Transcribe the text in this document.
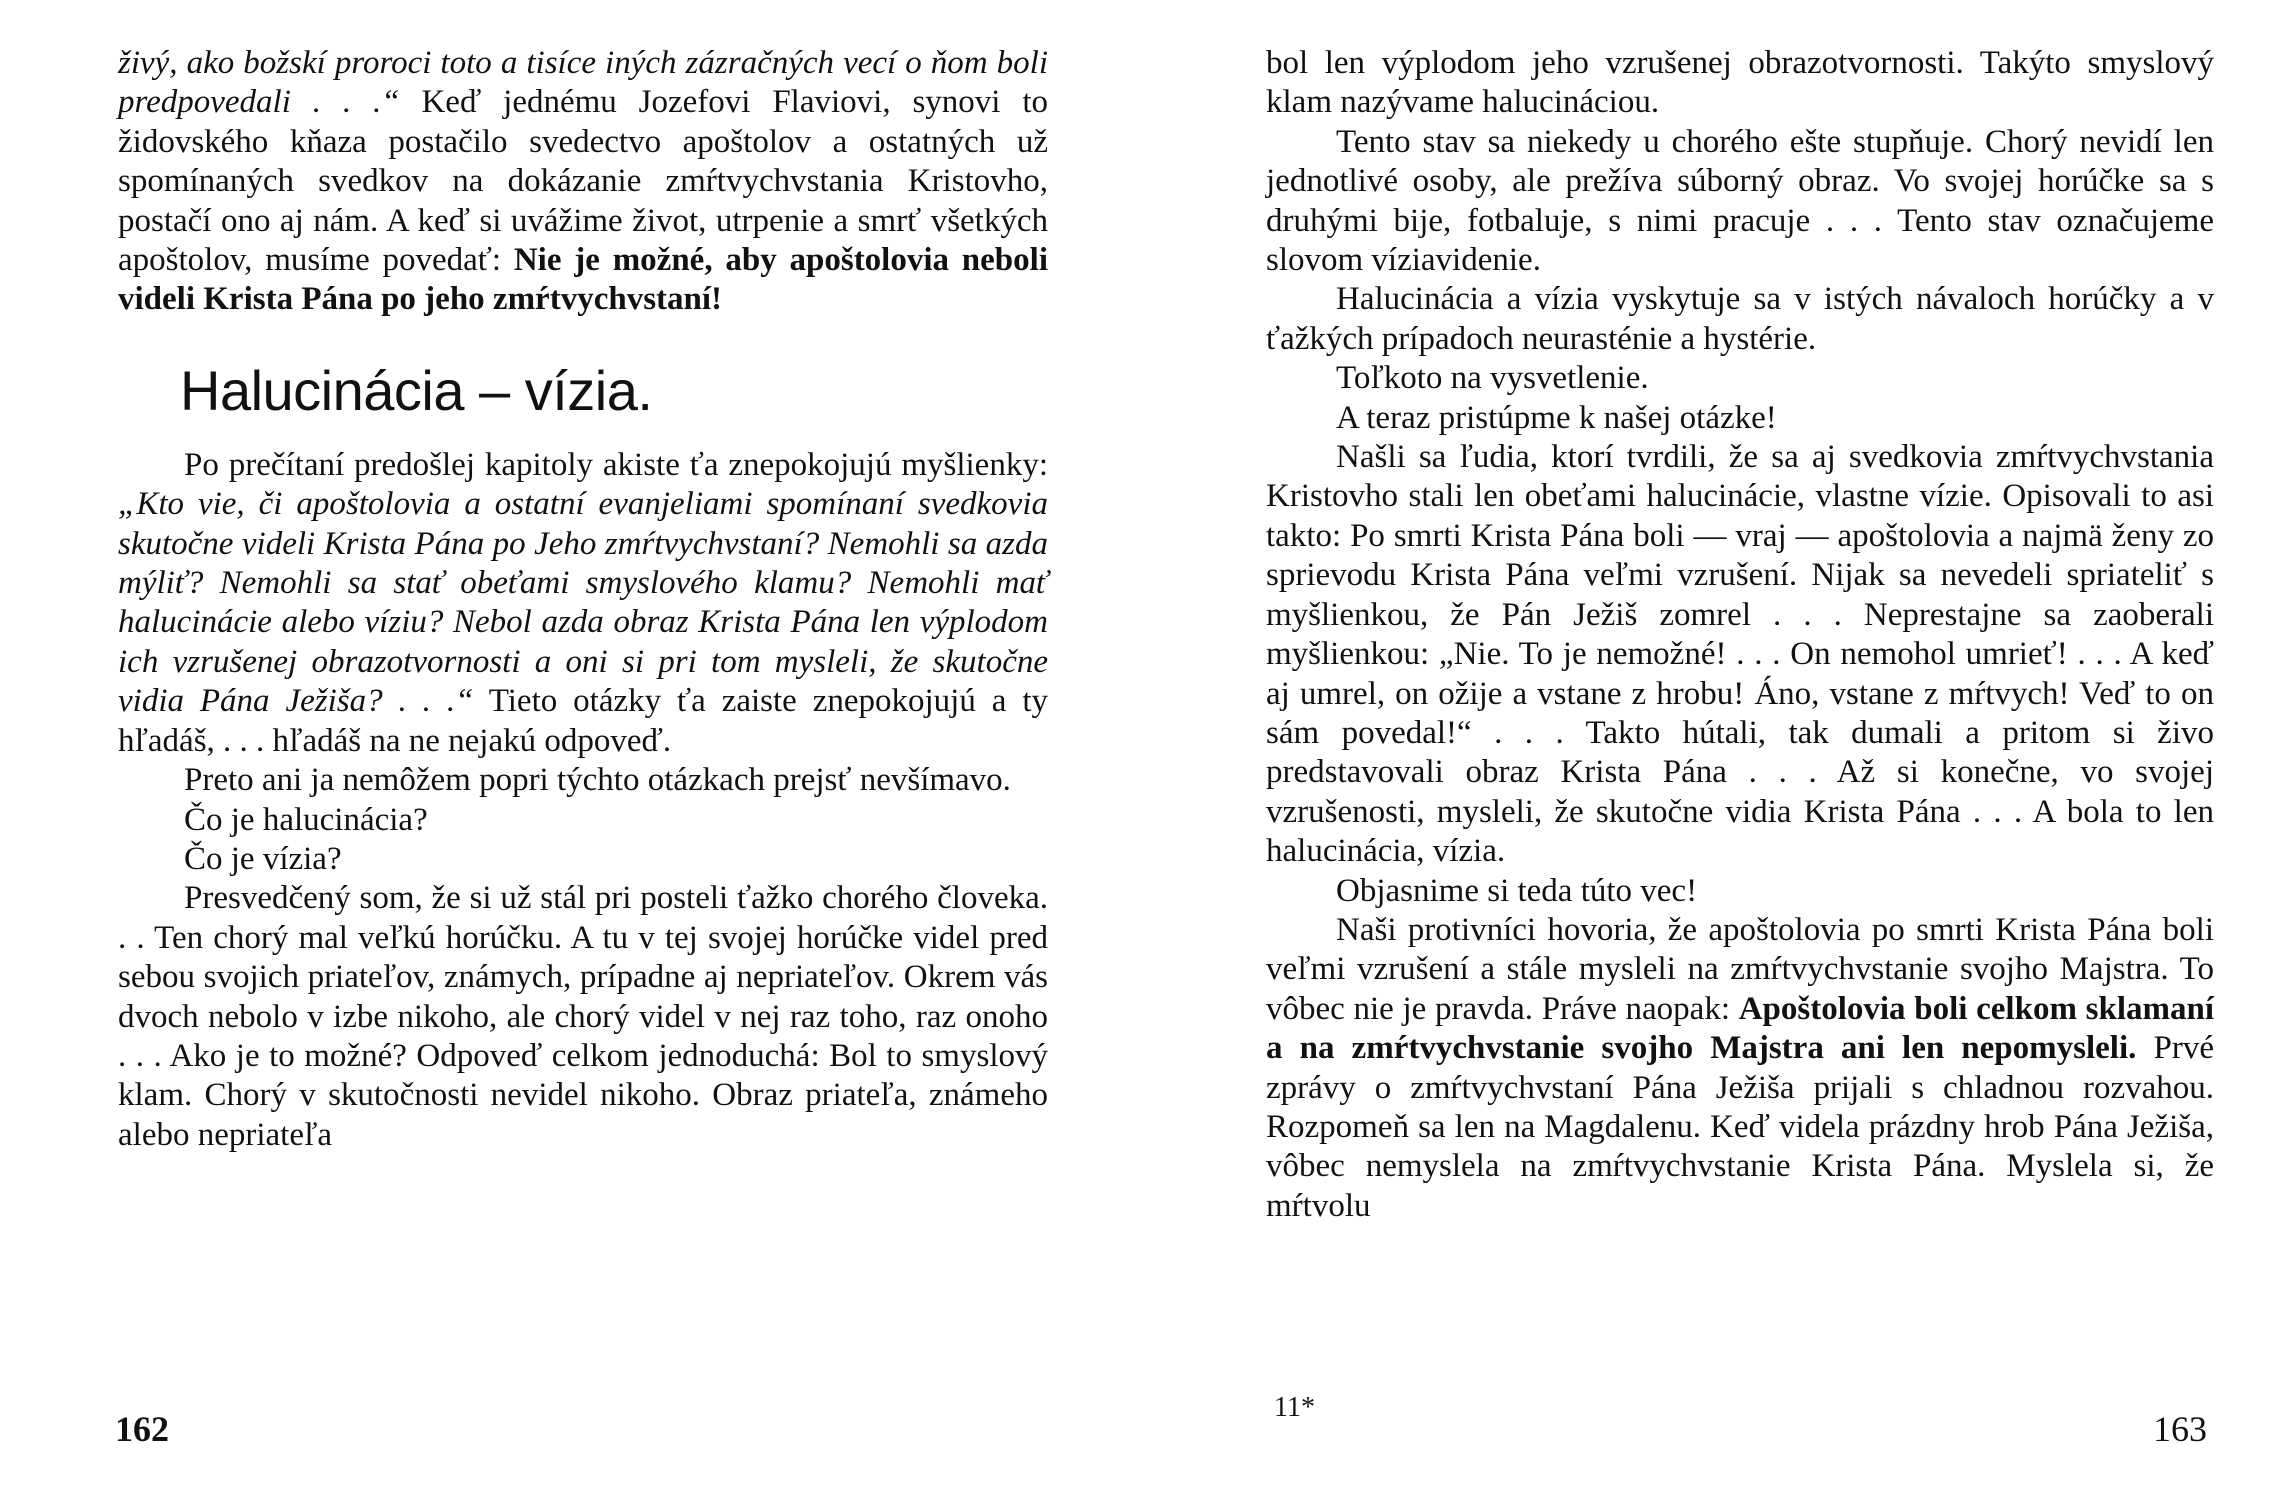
živý, ako božskí proroci toto a tisíce iných zázračných vecí o ňom boli predpovedali . . .“ Keď jednému Jozefovi Flaviovi, synovi to židovského kňaza postačilo svedectvo apoštolov a ostatných už spomínaných svedkov na dokázanie zmŕtvychvstania Kristovho, postačí ono aj nám. A keď si uvážime život, utrpenie a smrť všetkých apoštolov, musíme povedať: Nie je možné, aby apoštolovia neboli videli Krista Pána po jeho zmŕtvychvstaní!

Halucinácia – vízia.

Po prečítaní predošlej kapitoly akiste ťa znepokojujú myšlienky: „Kto vie, či apoštolovia a ostatní evanjeliami spomínaní svedkovia skutočne videli Krista Pána po Jeho zmŕtvychvstaní? Nemohli sa azda mýliť? Nemohli sa stať obeťami smyslového klamu? Nemohli mať halucinácie alebo víziu? Nebol azda obraz Krista Pána len výplodom ich vzrušenej obrazotvornosti a oni si pri tom mysleli, že skutočne vidia Pána Ježiša? . . .“ Tieto otázky ťa zaiste znepokojujú a ty hľadáš, . . . hľadáš na ne nejakú odpoveď.

Preto ani ja nemôžem popri týchto otázkach prejsť nevšímavo.

Čo je halucinácia?

Čo je vízia?

Presvedčený som, že si už stál pri posteli ťažko chorého človeka. . . Ten chorý mal veľkú horúčku. A tu v tej svojej horúčke videl pred sebou svojich priateľov, známych, prípadne aj nepriateľov. Okrem vás dvoch nebolo v izbe nikoho, ale chorý videl v nej raz toho, raz onoho . . . Ako je to možné? Odpoveď celkom jednoduchá: Bol to smyslový klam. Chorý v skutočnosti nevidel nikoho. Obraz priateľa, známeho alebo nepriateľa

162

bol len výplodom jeho vzrušenej obrazotvornosti. Takýto smyslový klam nazývame halucináciou.

Tento stav sa niekedy u chorého ešte stupňuje. Chorý nevidí len jednotlivé osoby, ale prežíva súborný obraz. Vo svojej horúčke sa s druhými bije, fotbaluje, s nimi pracuje . . . Tento stav označujeme slovom víziavidenie.

Halucinácia a vízia vyskytuje sa v istých návaloch horúčky a v ťažkých prípadoch neurasténie a hystérie.

Toľkoto na vysvetlenie.

A teraz pristúpme k našej otázke!

Našli sa ľudia, ktorí tvrdili, že sa aj svedkovia zmŕtvychvstania Kristovho stali len obeťami halucinácie, vlastne vízie. Opisovali to asi takto: Po smrti Krista Pána boli — vraj — apoštolovia a najmä ženy zo sprievodu Krista Pána veľmi vzrušení. Nijak sa nevedeli spriateliť s myšlienkou, že Pán Ježiš zomrel . . . Neprestajne sa zaoberali myšlienkou: „Nie. To je nemožné! . . . On nemohol umrieť! . . . A keď aj umrel, on ožije a vstane z hrobu! Áno, vstane z mŕtvych! Veď to on sám povedal!“ . . . Takto hútali, tak dumali a pritom si živo predstavovali obraz Krista Pána . . . Až si konečne, vo svojej vzrušenosti, mysleli, že skutočne vidia Krista Pána . . . A bola to len halucinácia, vízia.

Objasnime si teda túto vec!

Naši protivníci hovoria, že apoštolovia po smrti Krista Pána boli veľmi vzrušení a stále mysleli na zmŕtvychvstanie svojho Majstra. To vôbec nie je pravda. Práve naopak: Apoštolovia boli celkom sklamaní a na zmŕtvychvstanie svojho Majstra ani len nepomysleli. Prvé zprávy o zmŕtvychvstaní Pána Ježiša prijali s chladnou rozvahou. Rozpomeň sa len na Magdalenu. Keď videla prázdny hrob Pána Ježiša, vôbec nemyslela na zmŕtvychvstanie Krista Pána. Myslela si, že mŕtvolu

11*
163
